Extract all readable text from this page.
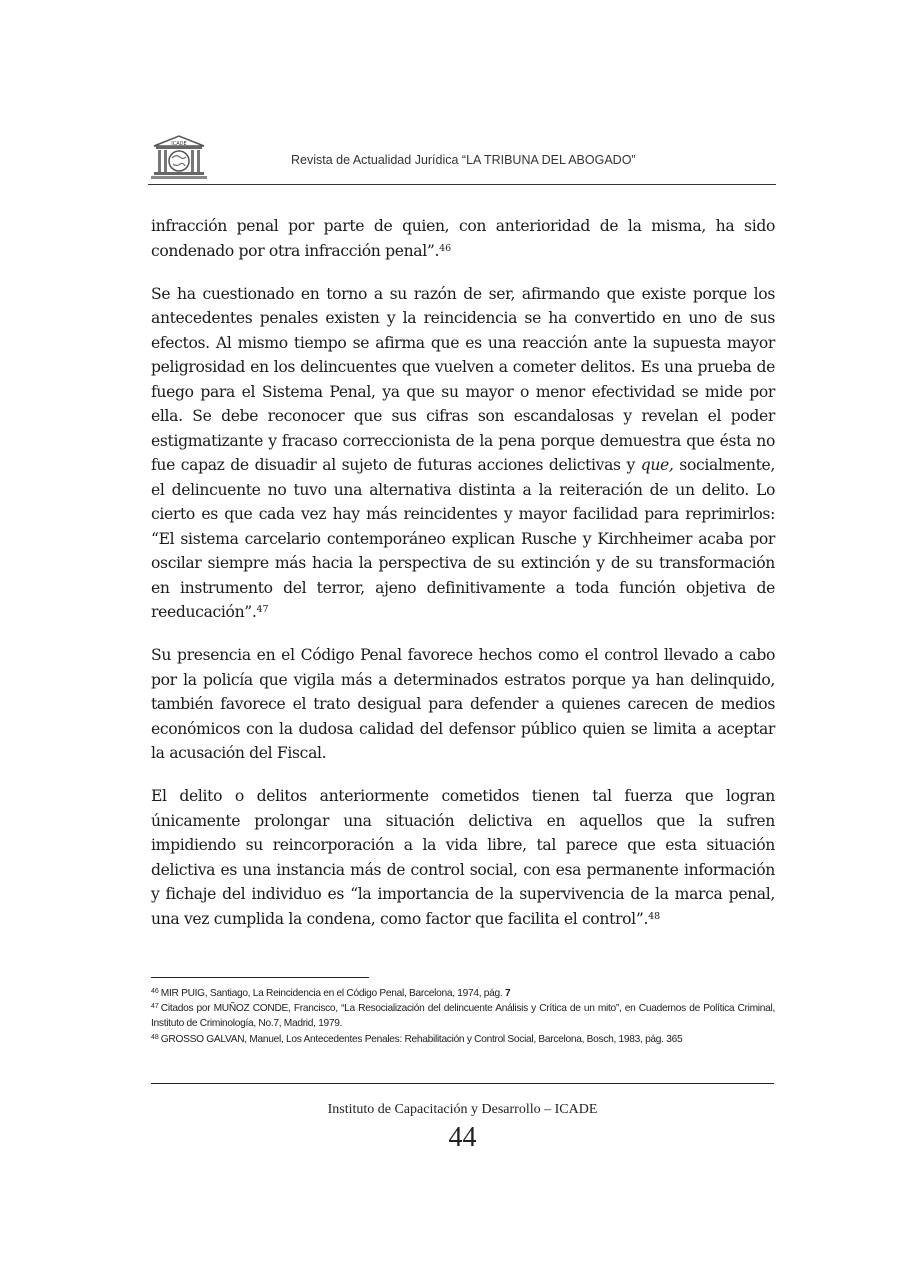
ICADE
Revista de Actualidad Jurídica “LA TRIBUNA DEL ABOGADO”

infracción penal por parte de quien, con anterioridad de la misma, ha sido condenado por otra infracción penal”.$^{46}$

Se ha cuestionado en torno a su razón de ser, afirmando que existe porque los antecedentes penales existen y la reincidencia se ha convertido en uno de sus efectos. Al mismo tiempo se afirma que es una reacción ante la supuesta mayor peligrosidad en los delincuentes que vuelven a cometer delitos. Es una prueba de fuego para el Sistema Penal, ya que su mayor o menor efectividad se mide por ella. Se debe reconocer que sus cifras son escandalosas y revelan el poder estigmatizante y fracaso correccionista de la pena porque demuestra que ésta no fue capaz de disuadir al sujeto de futuras acciones delictivas y que, socialmente, el delincuente no tuvo una alternativa distinta a la reiteración de un delito. Lo cierto es que cada vez hay más reincidentes y mayor facilidad para reprimirlos: “El sistema carcelario contemporáneo explican Rusche y Kirchheimer acaba por oscilar siempre más hacia la perspectiva de su extinción y de su transformación en instrumento del terror, ajeno definitivamente a toda función objetiva de reeducación”.$^{47}$

Su presencia en el Código Penal favorece hechos como el control llevado a cabo por la policía que vigila más a determinados estratos porque ya han delinquido, también favorece el trato desigual para defender a quienes carecen de medios económicos con la dudosa calidad del defensor público quien se limita a aceptar la acusación del Fiscal.

El delito o delitos anteriormente cometidos tienen tal fuerza que logran únicamente prolongar una situación delictiva en aquellos que la sufren impidiendo su reincorporación a la vida libre, tal parece que esta situación delictiva es una instancia más de control social, con esa permanente información y fichaje del individuo es “la importancia de la supervivencia de la marca penal, una vez cumplida la condena, como factor que facilita el control”.$^{48}$

$^{46}$ MIR PUIG, Santiago, La Reincidencia en el Código Penal, Barcelona, 1974, pág. 7
$^{47}$ Citados por MUÑOZ CONDE, Francisco, “La Resocialización del delincuente Análisis y Crítica de un mito”, en Cuadernos de Política Criminal, Instituto de Criminología, No.7, Madrid, 1979.
$^{48}$ GROSSO GALVAN, Manuel, Los Antecedentes Penales: Rehabilitación y Control Social, Barcelona, Bosch, 1983, pág. 365
Instituto de Capacitación y Desarrollo – ICADE
44
